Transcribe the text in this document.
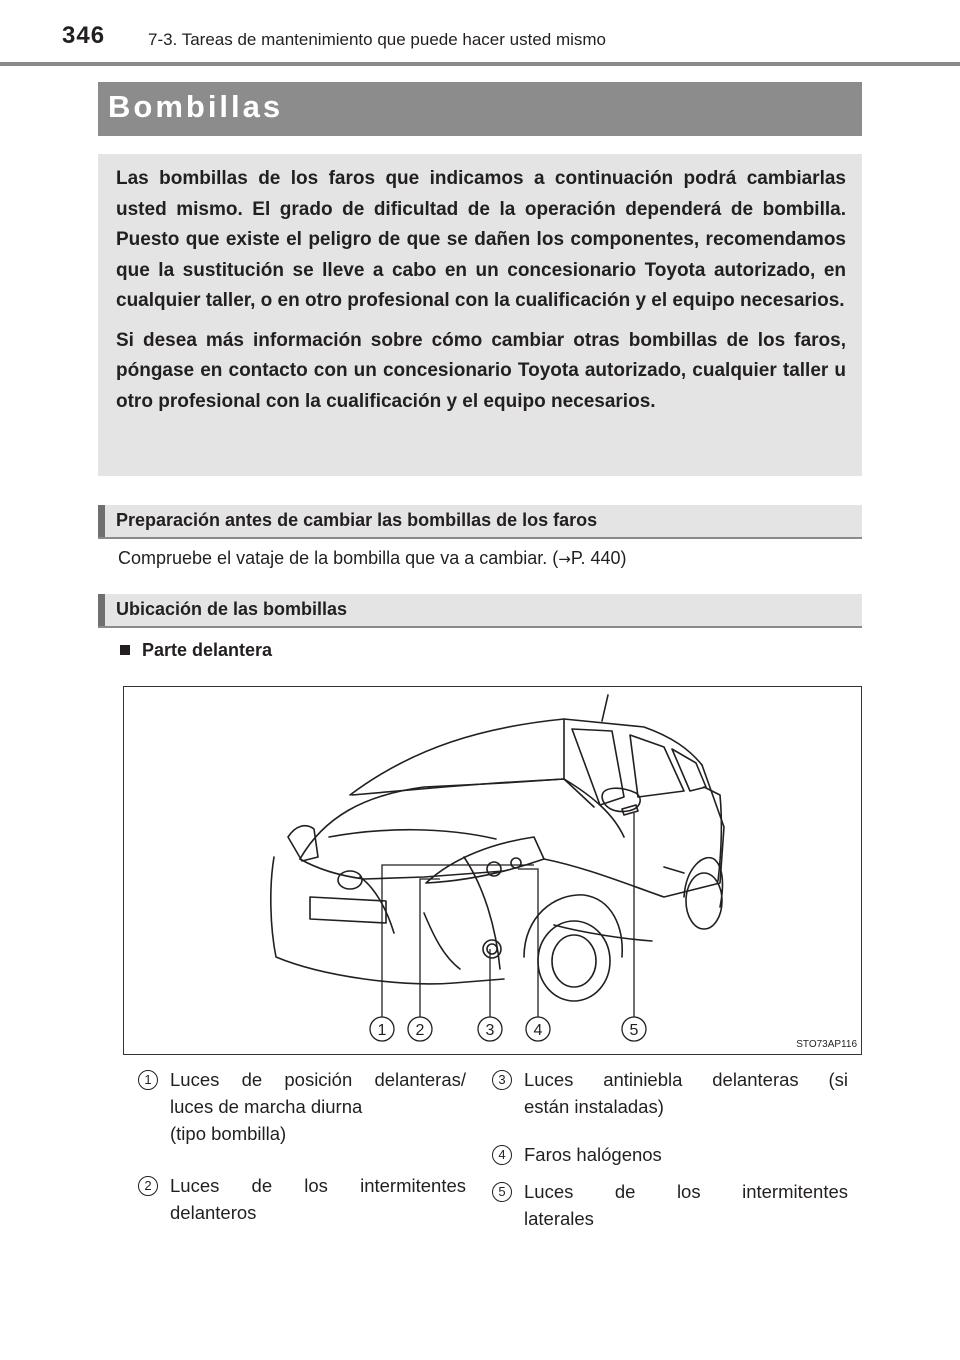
346	7-3. Tareas de mantenimiento que puede hacer usted mismo
Bombillas

Las bombillas de los faros que indicamos a continuación podrá cambiarlas usted mismo. El grado de dificultad de la operación dependerá de bombilla. Puesto que existe el peligro de que se dañen los componentes, recomendamos que la sustitución se lleve a cabo en un concesionario Toyota autorizado, en cualquier taller, o en otro profesional con la cualificación y el equipo necesarios.

Si desea más información sobre cómo cambiar otras bombillas de los faros, póngase en contacto con un concesionario Toyota autorizado, cualquier taller u otro profesional con la cualificación y el equipo necesarios.

Preparación antes de cambiar las bombillas de los faros
Compruebe el vataje de la bombilla que va a cambiar. (→P. 440)
Ubicación de las bombillas
Parte delantera
1 2	3 4	5
STO73AP116
1 Luces de posición delanteras/
luces de marcha diurna
(tipo bombilla)
2 Luces de los intermitentes
delanteros
3 Luces antiniebla delanteras (si
están instaladas)
4 Faros halógenos
5 Luces de los intermitentes
laterales
